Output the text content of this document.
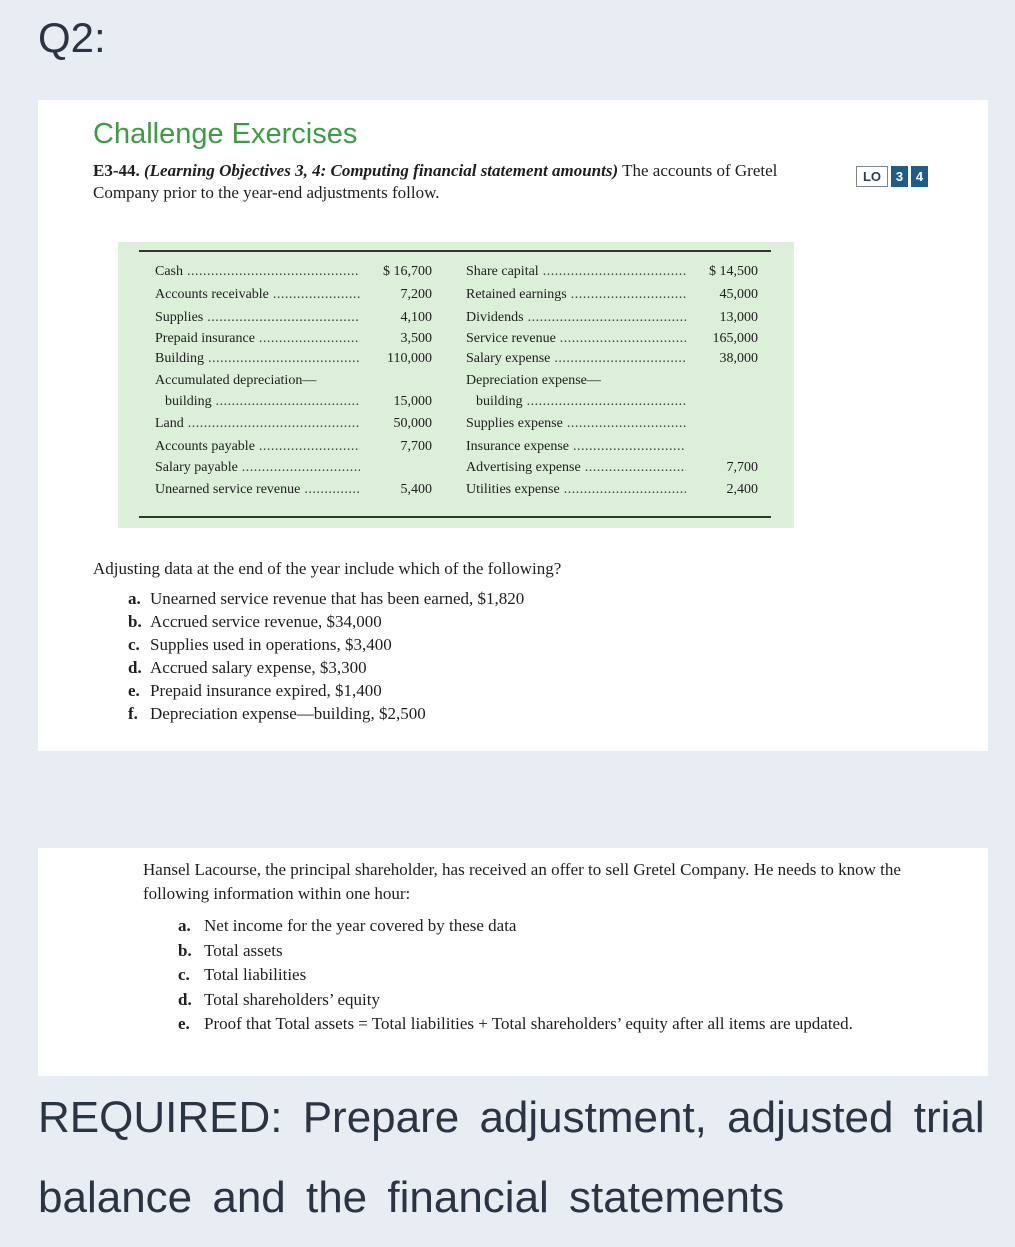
Q2:
Challenge Exercises
E3-44. (Learning Objectives 3, 4: Computing financial statement amounts) The accounts of Gretel Company prior to the year-end adjustments follow.
LO	3 4
Cash .....	$ 16,700
Accounts receivable .....	7,200
Supplies .....	4,100
Prepaid insurance .....	3,500
Building .....	110,000
Accumulated depreciation—
building .....	15,000
Land .....	50,000
Accounts payable .....	7,700
Salary payable .....
Unearned service revenue .....	5,400
Share capital .....	$ 14,500
Retained earnings .....	45,000
Dividends .....	13,000
Service revenue .....	165,000
Salary expense .....	38,000
Depreciation expense—
building .....
Supplies expense .....
Insurance expense .....
Advertising expense .....	7,700
Utilities expense .....	2,400
Adjusting data at the end of the year include which of the following?
a. Unearned service revenue that has been earned, $1,820
b. Accrued service revenue, $34,000
c. Supplies used in operations, $3,400
d. Accrued salary expense, $3,300
e. Prepaid insurance expired, $1,400
f. Depreciation expense—building, $2,500
Hansel Lacourse, the principal shareholder, has received an offer to sell Gretel Company. He needs to know the following information within one hour:
a. Net income for the year covered by these data
b. Total assets
c. Total liabilities
d. Total shareholders’ equity
e. Proof that Total assets = Total liabilities + Total shareholders’ equity after all items are updated.
REQUIRED: Prepare adjustment, adjusted trial balance and the financial statements
